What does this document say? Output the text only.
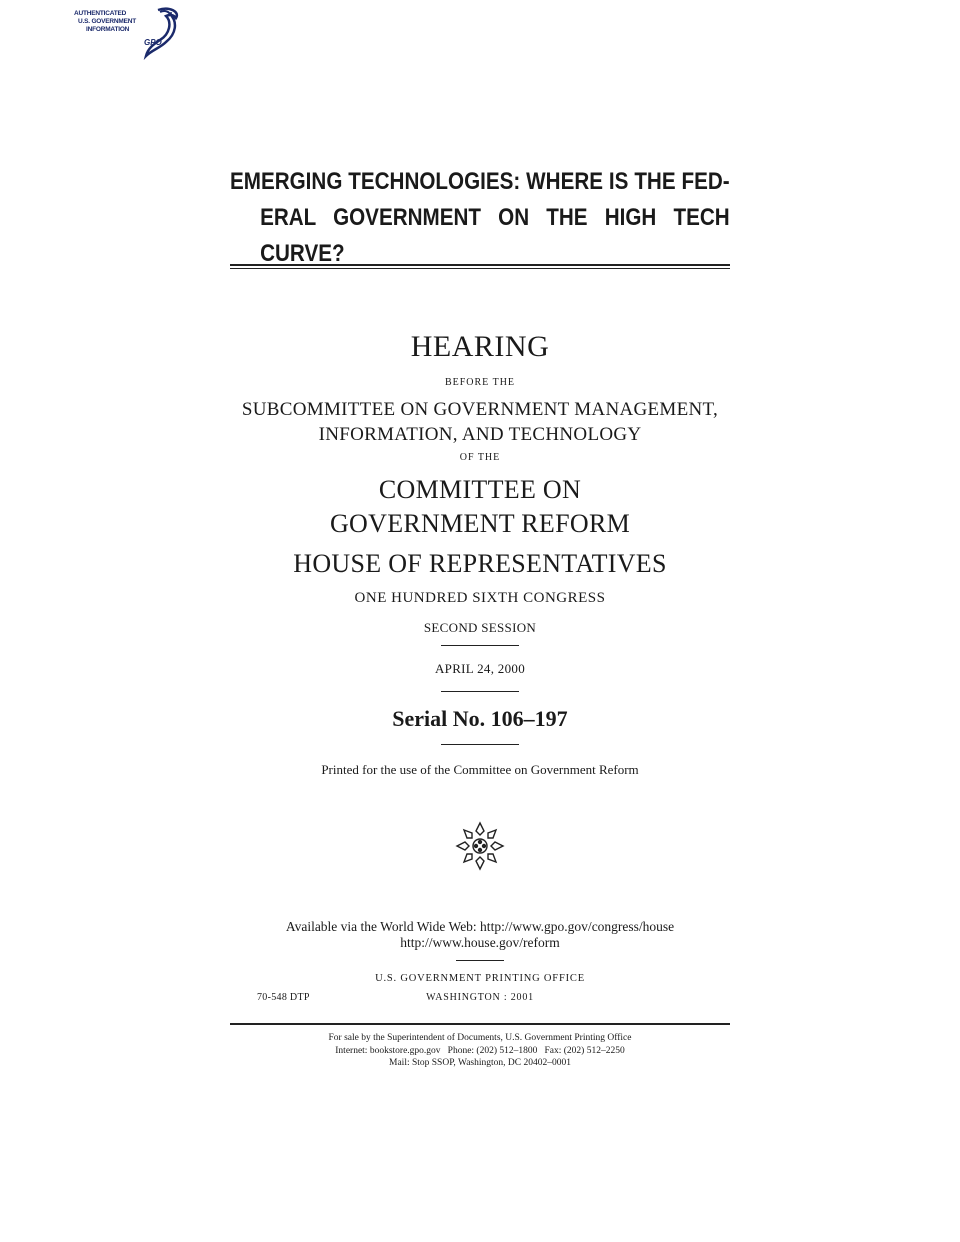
AUTHENTICATED
U.S. GOVERNMENT
INFORMATION
GPO
EMERGING TECHNOLOGIES: WHERE IS THE FED-
ERAL GOVERNMENT ON THE HIGH TECH
CURVE?
HEARING
BEFORE THE
SUBCOMMITTEE ON GOVERNMENT MANAGEMENT,
INFORMATION, AND TECHNOLOGY
OF THE
COMMITTEE ON
GOVERNMENT REFORM
HOUSE OF REPRESENTATIVES
ONE HUNDRED SIXTH CONGRESS
SECOND SESSION
APRIL 24, 2000
Serial No. 106–197
Printed for the use of the Committee on Government Reform
Available via the World Wide Web: http://www.gpo.gov/congress/house
http://www.house.gov/reform
U.S. GOVERNMENT PRINTING OFFICE
70-548 DTP	WASHINGTON : 2001
For sale by the Superintendent of Documents, U.S. Government Printing Office
Internet: bookstore.gpo.gov   Phone: (202) 512–1800   Fax: (202) 512–2250
Mail: Stop SSOP, Washington, DC 20402–0001
